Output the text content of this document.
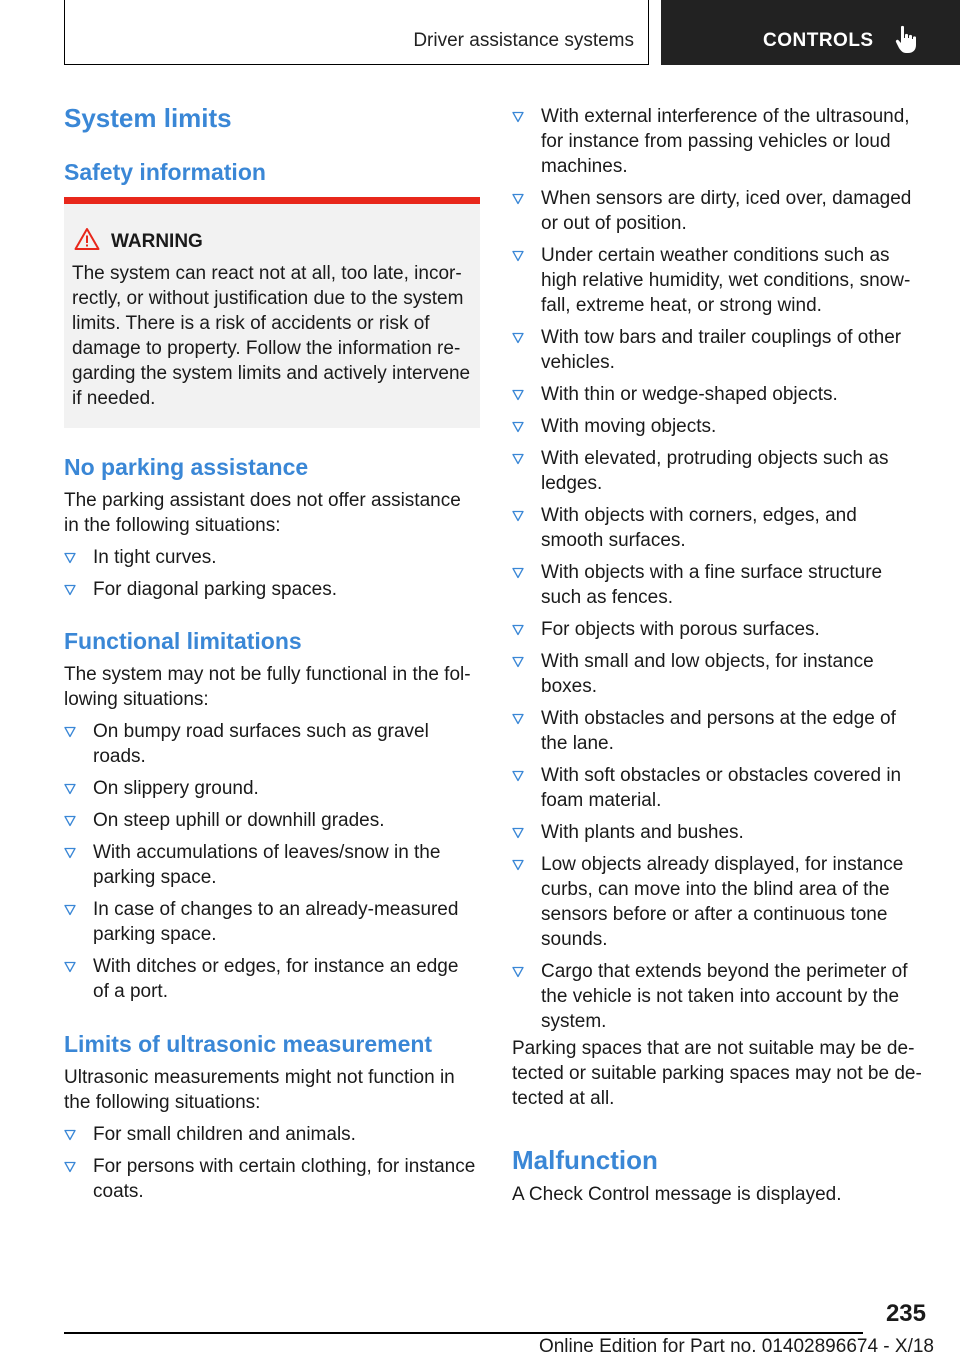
Driver assistance systems	CONTROLS
System limits
Safety information
WARNING
The system can react not at all, too late, incor-
rectly, or without justification due to the system
limits. There is a risk of accidents or risk of
damage to property. Follow the information re-
garding the system limits and actively intervene
if needed.
No parking assistance
The parking assistant does not offer assistance
in the following situations:
Functional limitations
The system may not be fully functional in the fol-
lowing situations:
Limits of ultrasonic measurement
Ultrasonic measurements might not function in
the following situations:
Parking spaces that are not suitable may be de-
tected or suitable parking spaces may not be de-
tected at all.
Malfunction
A Check Control message is displayed.
235
Online Edition for Part no. 01402896674 - X/18
In tight curves.
For diagonal parking spaces.
On bumpy road surfaces such as gravel
roads.
On slippery ground.
On steep uphill or downhill grades.
With accumulations of leaves/snow in the
parking space.
In case of changes to an already-measured
parking space.
With ditches or edges, for instance an edge
of a port.
For small children and animals.
For persons with certain clothing, for instance
coats.
With external interference of the ultrasound,
for instance from passing vehicles or loud
machines.
When sensors are dirty, iced over, damaged
or out of position.
Under certain weather conditions such as
high relative humidity, wet conditions, snow-
fall, extreme heat, or strong wind.
With tow bars and trailer couplings of other
vehicles.
With thin or wedge-shaped objects.
With moving objects.
With elevated, protruding objects such as
ledges.
With objects with corners, edges, and
smooth surfaces.
With objects with a fine surface structure
such as fences.
For objects with porous surfaces.
With small and low objects, for instance
boxes.
With obstacles and persons at the edge of
the lane.
With soft obstacles or obstacles covered in
foam material.
With plants and bushes.
Low objects already displayed, for instance
curbs, can move into the blind area of the
sensors before or after a continuous tone
sounds.
Cargo that extends beyond the perimeter of
the vehicle is not taken into account by the
system.
